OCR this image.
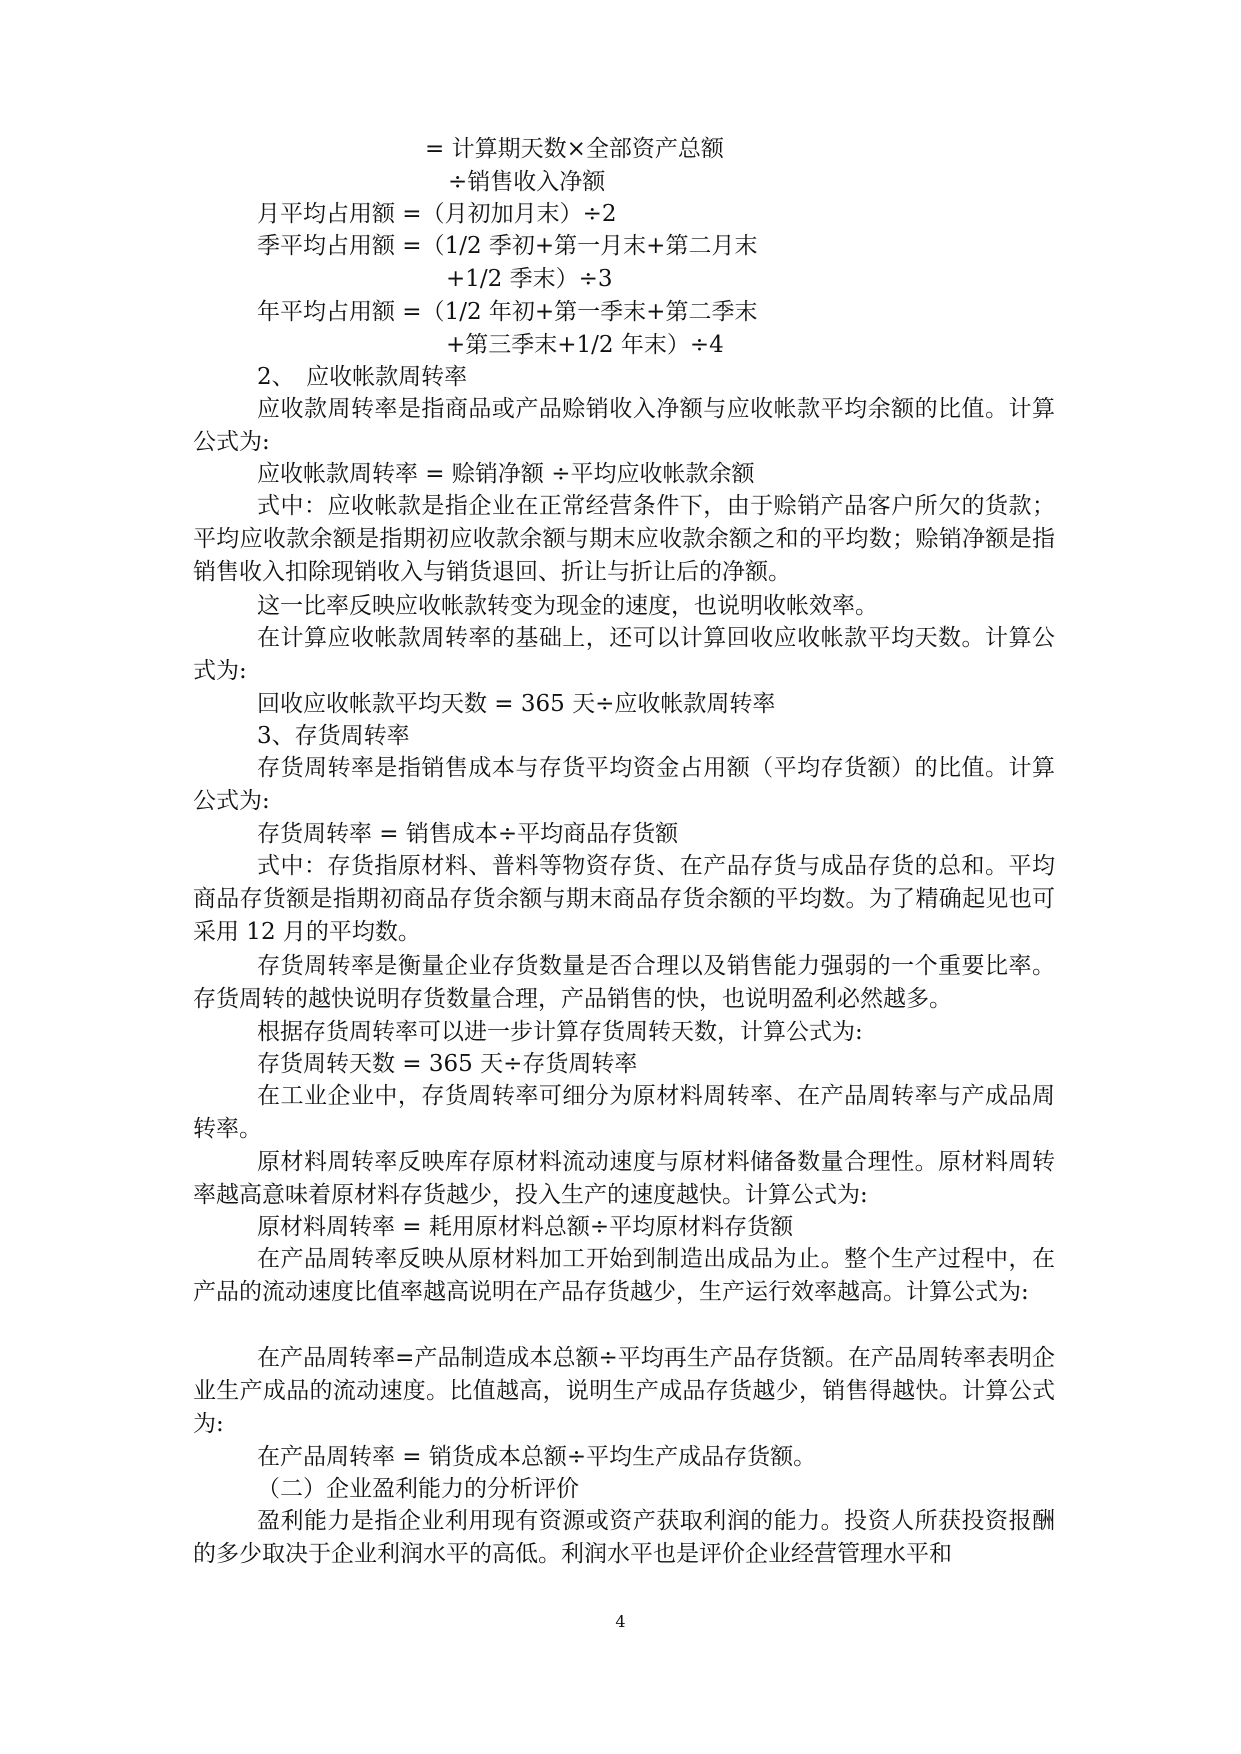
= 计算期天数×全部资产总额
÷销售收入净额
月平均占用额 =（月初加月末）÷2
季平均占用额 =（1/2 季初+第一月末+第二月末
+1/2 季末）÷3
年平均占用额 =（1/2 年初+第一季末+第二季末
+第三季末+1/2 年末）÷4
2、　应收帐款周转率
应收款周转率是指商品或产品赊销收入净额与应收帐款平均余额的比值。计算公式为:
应收帐款周转率 = 赊销净额 ÷平均应收帐款余额
式中：应收帐款是指企业在正常经营条件下，由于赊销产品客户所欠的货款；平均应收款余额是指期初应收款余额与期末应收款余额之和的平均数；赊销净额是指销售收入扣除现销收入与销货退回、折让与折让后的净额。
这一比率反映应收帐款转变为现金的速度，也说明收帐效率。
在计算应收帐款周转率的基础上，还可以计算回收应收帐款平均天数。计算公式为:
回收应收帐款平均天数 = 365 天÷应收帐款周转率
3、存货周转率
存货周转率是指销售成本与存货平均资金占用额（平均存货额）的比值。计算公式为:
存货周转率 = 销售成本÷平均商品存货额
式中：存货指原材料、普料等物资存货、在产品存货与成品存货的总和。平均商品存货额是指期初商品存货余额与期末商品存货余额的平均数。为了精确起见也可采用 12 月的平均数。
存货周转率是衡量企业存货数量是否合理以及销售能力强弱的一个重要比率。存货周转的越快说明存货数量合理，产品销售的快，也说明盈利必然越多。
根据存货周转率可以进一步计算存货周转天数，计算公式为:
存货周转天数 = 365 天÷存货周转率
在工业企业中，存货周转率可细分为原材料周转率、在产品周转率与产成品周转率。
原材料周转率反映库存原材料流动速度与原材料储备数量合理性。原材料周转率越高意味着原材料存货越少，投入生产的速度越快。计算公式为:
原材料周转率 = 耗用原材料总额÷平均原材料存货额
在产品周转率反映从原材料加工开始到制造出成品为止。整个生产过程中，在产品的流动速度比值率越高说明在产品存货越少，生产运行效率越高。计算公式为:
在产品周转率=产品制造成本总额÷平均再生产品存货额。在产品周转率表明企业生产成品的流动速度。比值越高，说明生产成品存货越少，销售得越快。计算公式为:
在产品周转率 = 销货成本总额÷平均生产成品存货额。
（二）企业盈利能力的分析评价
盈利能力是指企业利用现有资源或资产获取利润的能力。投资人所获投资报酬的多少取决于企业利润水平的高低。利润水平也是评价企业经营管理水平和
4
